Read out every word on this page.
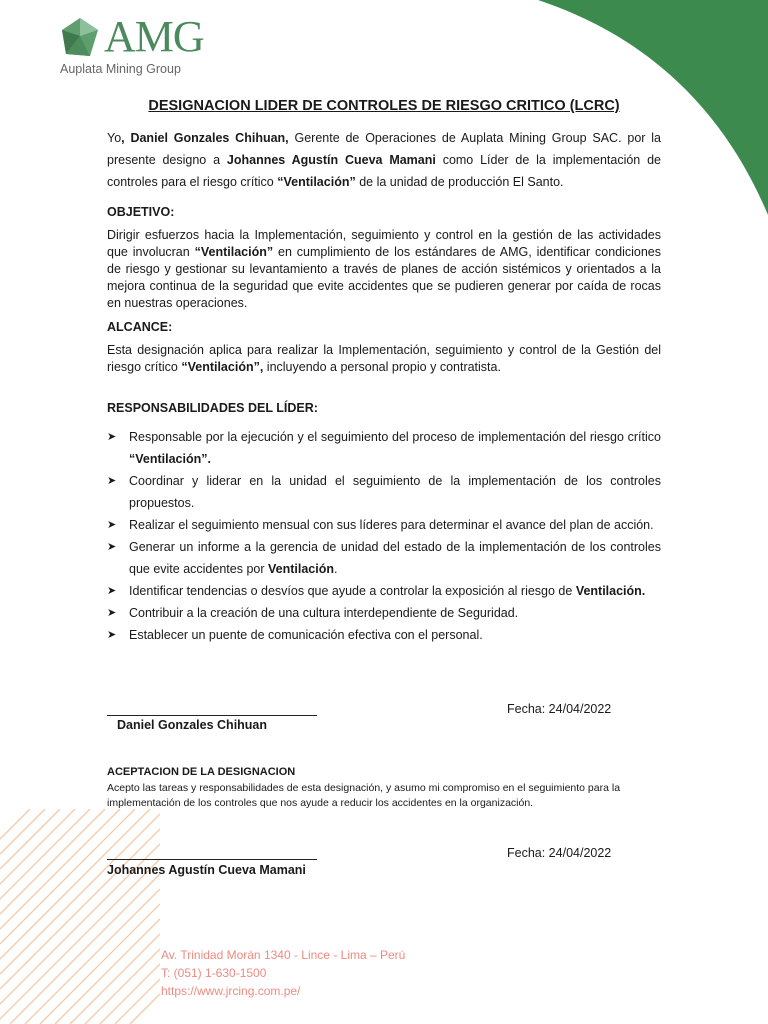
AMG
Auplata Mining Group
DESIGNACION LIDER DE CONTROLES DE RIESGO CRITICO (LCRC)
Yo, Daniel Gonzales Chihuan, Gerente de Operaciones de Auplata Mining Group SAC. por la presente designo a Johannes Agustín Cueva Mamani como Líder de la implementación de controles para el riesgo crítico “Ventilación” de la unidad de producción El Santo.
OBJETIVO:
Dirigir esfuerzos hacia la Implementación, seguimiento y control en la gestión de las actividades que involucran “Ventilación” en cumplimiento de los estándares de AMG, identificar condiciones de riesgo y gestionar su levantamiento a través de planes de acción sistémicos y orientados a la mejora continua de la seguridad que evite accidentes que se pudieren generar por caída de rocas en nuestras operaciones.
ALCANCE:
Esta designación aplica para realizar la Implementación, seguimiento y control de la Gestión del riesgo crítico “Ventilación”, incluyendo a personal propio y contratista.
RESPONSABILIDADES DEL LÍDER:
➤ Responsable por la ejecución y el seguimiento del proceso de implementación del riesgo crítico “Ventilación”.
➤ Coordinar y liderar en la unidad el seguimiento de la implementación de los controles propuestos.
➤ Realizar el seguimiento mensual con sus líderes para determinar el avance del plan de acción.
➤ Generar un informe a la gerencia de unidad del estado de la implementación de los controles que evite accidentes por Ventilación.
➤ Identificar tendencias o desvíos que ayude a controlar la exposición al riesgo de Ventilación.
➤ Contribuir a la creación de una cultura interdependiente de Seguridad.
➤ Establecer un puente de comunicación efectiva con el personal.
Daniel Gonzales Chihuan
Fecha: 24/04/2022
ACEPTACION DE LA DESIGNACION
Acepto las tareas y responsabilidades de esta designación, y asumo mi compromiso en el seguimiento para la implementación de los controles que nos ayude a reducir los accidentes en la organización.
Johannes Agustín Cueva Mamani
Fecha: 24/04/2022
Av. Trinidad Morán 1340 - Lince - Lima – Perú
T: (051) 1-630-1500
https://www.jrcing.com.pe/
